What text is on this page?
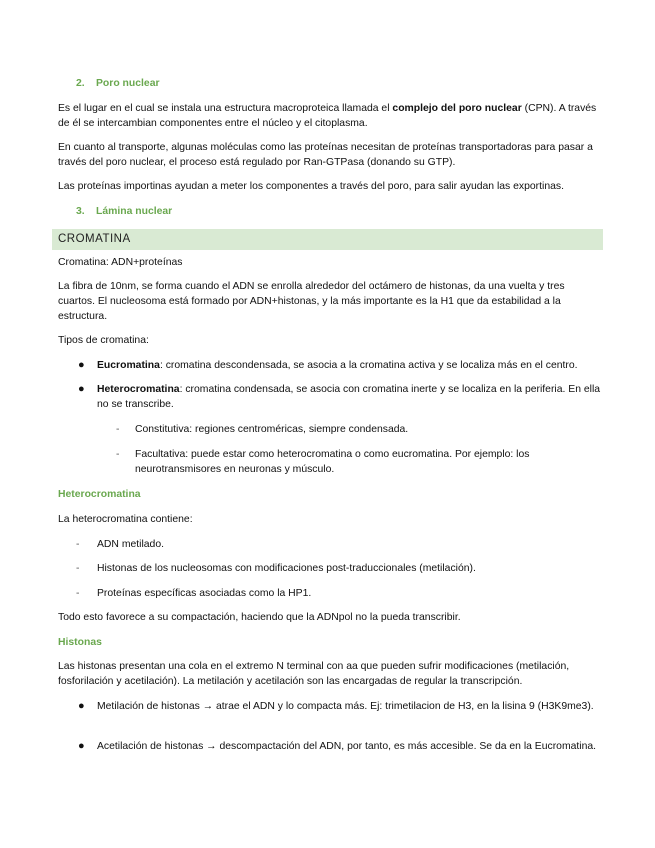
2. Poro nuclear

Es el lugar en el cual se instala una estructura macroproteica llamada el complejo del poro nuclear (CPN). A través de él se intercambian componentes entre el núcleo y el citoplasma.

En cuanto al transporte, algunas moléculas como las proteínas necesitan de proteínas transportadoras para pasar a través del poro nuclear, el proceso está regulado por Ran-GTPasa (donando su GTP).

Las proteínas importinas ayudan a meter los componentes a través del poro, para salir ayudan las exportinas.

3. Lámina nuclear

Cromatina: ADN+proteínas

La fibra de 10nm, se forma cuando el ADN se enrolla alrededor del octámero de histonas, da una vuelta y tres cuartos. El nucleosoma está formado por ADN+histonas, y la más importante es la H1 que da estabilidad a la estructura.

Tipos de cromatina:

● Eucromatina: cromatina descondensada, se asocia a la cromatina activa y se localiza más en el centro.
● Heterocromatina: cromatina condensada, se asocia con cromatina inerte y se localiza en la periferia. En ella no se transcribe.
- Constitutiva: regiones centroméricas, siempre condensada.
- Facultativa: puede estar como heterocromatina o como eucromatina. Por ejemplo: los neurotransmisores en neuronas y músculo.
Heterocromatina

La heterocromatina contiene:

- ADN metilado.
- Histonas de los nucleosomas con modificaciones post-traduccionales (metilación).
- Proteínas específicas asociadas como la HP1.

Todo esto favorece a su compactación, haciendo que la ADNpol no la pueda transcribir.

Histonas

Las histonas presentan una cola en el extremo N terminal con aa que pueden sufrir modificaciones (metilación, fosforilación y acetilación). La metilación y acetilación son las encargadas de regular la transcripción.

● Metilación de histonas → atrae el ADN y lo compacta más. Ej: trimetilacion de H3, en la lisina 9 (H3K9me3).
● Acetilación de histonas → descompactación del ADN, por tanto, es más accesible. Se da en la Eucromatina.
CROMATINA
